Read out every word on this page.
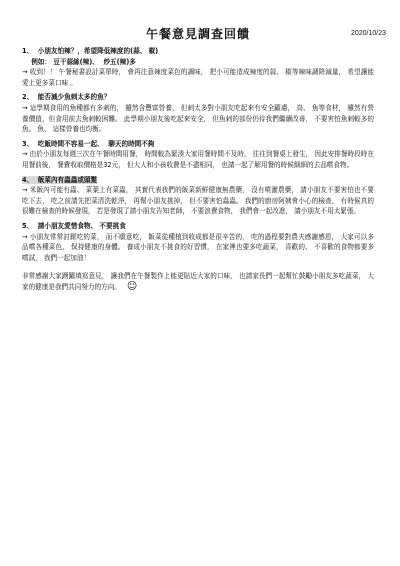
午餐意見調查回饋	2020/10/23
1、  小朋友怕辣？，希望降低辣度的(蒜、 椒)
例如： 豆干蒜絲(辣)、  炒五(辣)多
→ 收到！！ 午餐秘書設計菜單時， 會再注意辣度菜色的調味， 把小可能造成辣度的蒜、 椒等辣味調降減量， 希望讓能愛上更多菜口味 。
2、  能否減少魚刺太多的魚？
→ 這學期食用的魚種都有多刺的， 雖然含豐富營養， 但刺太多對小朋友吃起來有安全顧慮， 鳥、 魚等食材， 雖然有營養價值，但食用前去魚刺較困難。 此學期小朋友後吃起來安全， 但魚刺的部份仍待我們繼續改善， 不要害怕魚刺較多的魚。 魚、 這樣營養也均衡。
3、  吃飯時間不容易一起、  聊天的時間不夠
→ 由於小朋友每週三次在午餐時間用餐， 時間較為緊湊大家用餐時間不及時， 往往到餐桌上發生， 因此安排餐時段時在用餐前後， 餐費收取價格是32元， 但大人和小孩收費是不盡相同， 也請一起了解用餐的時候細細的去品嚐食物。
4、  飯菜內有蟲蟲或頭髮
→ 米飯內可能有蟲、 菜葉上有菜蟲， 其實代表我們的飯菜新鮮健康無農藥， 沒有噴灑農藥， 請小朋友不要害怕也不要吃下去， 吃之前請先把菜清洗乾淨， 再幫小朋友挑掉， 但不要害怕蟲蟲。 我們的廚房阿姨會小心的檢查， 有時候真的很難在檢查的時候發現， 若是發現了請小朋友告知老師， 不要浪費食物， 我們會一起改進， 請小朋友不用太緊張。
5、  請小朋友愛惜食物、 不要挑食
→ 小朋友常常討厭吃的菜， 而不願意吃， 飯菜從種植到收成都是很辛苦的， 吃的過程要對農夫感謝感恩， 大家可以多品嚐各種菜色， 保持健康的身體。 養成小朋友不挑食的好習慣， 在家裡也要多吃蔬菜， 喜歡的、 不喜歡的食物都要多嚐試， 我們一起加油！
非常感謝大家踴躍填寫意見， 讓我們在午餐製作上能更貼近大家的口味， 也請家長們一起幫忙鼓勵小朋友多吃蔬菜， 大家的健康是我們共同努力的方向。 ☺
